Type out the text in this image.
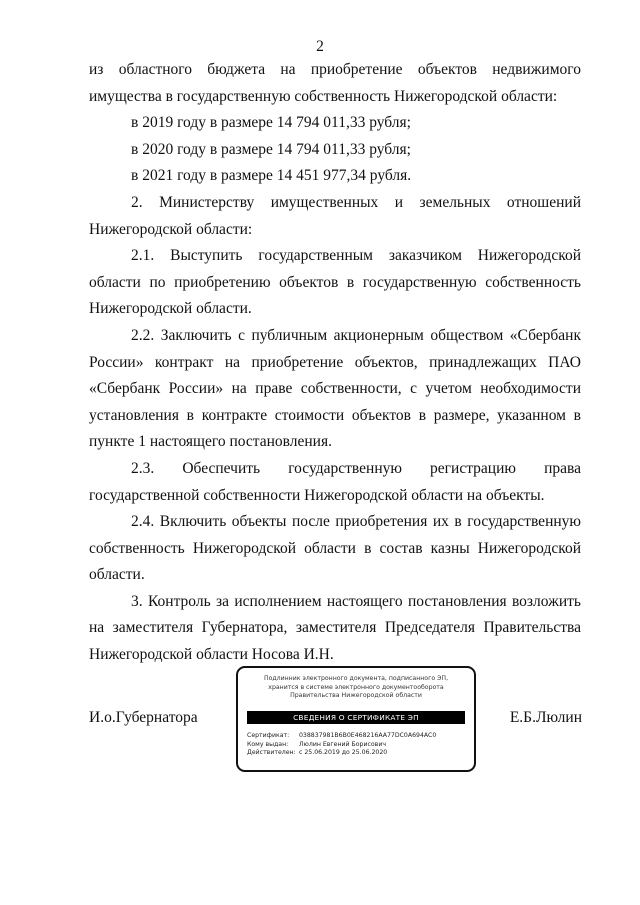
2

из областного бюджета на приобретение объектов недвижимого имущества в государственную собственность Нижегородской области:

в 2019 году в размере 14 794 011,33 рубля;

в 2020 году в размере 14 794 011,33 рубля;

в 2021 году в размере 14 451 977,34 рубля.

2. Министерству имущественных и земельных отношений Нижегородской области:

2.1. Выступить государственным заказчиком Нижегородской области по приобретению объектов в государственную собственность Нижегородской области.

2.2. Заключить с публичным акционерным обществом «Сбербанк России» контракт на приобретение объектов, принадлежащих ПАО «Сбербанк России» на праве собственности, с учетом необходимости установления в контракте стоимости объектов в размере, указанном в пункте 1 настоящего постановления.

2.3. Обеспечить государственную регистрацию права государственной собственности Нижегородской области на объекты.

2.4. Включить объекты после приобретения их в государственную собственность Нижегородской области в состав казны Нижегородской области.

3. Контроль за исполнением настоящего постановления возложить на заместителя Губернатора, заместителя Председателя Правительства Нижегородской области Носова И.Н.

И.о.Губернатора	Е.Б.Люлин
Подлинник электронного документа, подписанного ЭП,
хранится в системе электронного документооборота
Правительства Нижегородской области
СВЕДЕНИЯ О СЕРТИФИКАТЕ ЭП
Сертификат: 038837981B6B0E468216AA77DC0A694AC0
Кому выдан: Люлин Евгений Борисович
Действителен: с 25.06.2019 до 25.06.2020
